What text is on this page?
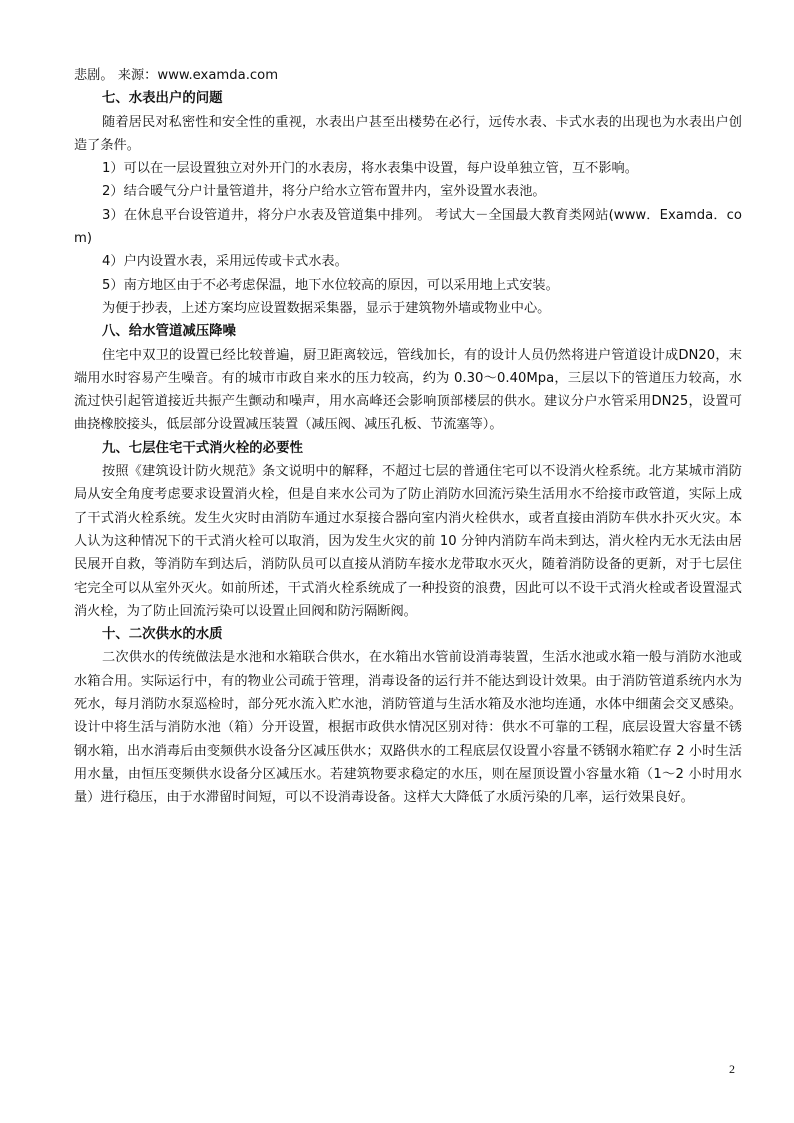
悲剧。 来源：www.examda.com

七、水表出户的问题

随着居民对私密性和安全性的重视，水表出户甚至出楼势在必行，远传水表、卡式水表的出现也为水表出户创造了条件。

1）可以在一层设置独立对外开门的水表房，将水表集中设置，每户设单独立管，互不影响。

2）结合暖气分户计量管道井，将分户给水立管布置井内，室外设置水表池。

3）在休息平台设管道井，将分户水表及管道集中排列。 考试大－全国最大教育类网站(www．Examda．com)

4）户内设置水表，采用远传或卡式水表。

5）南方地区由于不必考虑保温，地下水位较高的原因，可以采用地上式安装。

为便于抄表，上述方案均应设置数据采集器，显示于建筑物外墙或物业中心。

八、给水管道减压降噪

住宅中双卫的设置已经比较普遍，厨卫距离较远，管线加长，有的设计人员仍然将进户管道设计成DN20，末端用水时容易产生噪音。有的城市市政自来水的压力较高，约为 0.30～0.40Mpa，三层以下的管道压力较高，水流过快引起管道接近共振产生颤动和噪声，用水高峰还会影响顶部楼层的供水。建议分户水管采用DN25，设置可曲挠橡胶接头，低层部分设置减压装置（减压阀、减压孔板、节流塞等）。

九、七层住宅干式消火栓的必要性

按照《建筑设计防火规范》条文说明中的解释，不超过七层的普通住宅可以不设消火栓系统。北方某城市消防局从安全角度考虑要求设置消火栓，但是自来水公司为了防止消防水回流污染生活用水不给接市政管道，实际上成了干式消火栓系统。发生火灾时由消防车通过水泵接合器向室内消火栓供水，或者直接由消防车供水扑灭火灾。本人认为这种情况下的干式消火栓可以取消，因为发生火灾的前 10 分钟内消防车尚未到达，消火栓内无水无法由居民展开自救，等消防车到达后，消防队员可以直接从消防车接水龙带取水灭火，随着消防设备的更新，对于七层住宅完全可以从室外灭火。如前所述，干式消火栓系统成了一种投资的浪费，因此可以不设干式消火栓或者设置湿式消火栓，为了防止回流污染可以设置止回阀和防污隔断阀。

十、二次供水的水质

二次供水的传统做法是水池和水箱联合供水，在水箱出水管前设消毒装置，生活水池或水箱一般与消防水池或水箱合用。实际运行中，有的物业公司疏于管理，消毒设备的运行并不能达到设计效果。由于消防管道系统内水为死水，每月消防水泵巡检时，部分死水流入贮水池，消防管道与生活水箱及水池均连通，水体中细菌会交叉感染。设计中将生活与消防水池（箱）分开设置，根据市政供水情况区别对待：供水不可靠的工程，底层设置大容量不锈钢水箱，出水消毒后由变频供水设备分区减压供水；双路供水的工程底层仅设置小容量不锈钢水箱贮存 2 小时生活用水量，由恒压变频供水设备分区减压水。若建筑物要求稳定的水压，则在屋顶设置小容量水箱（1～2 小时用水量）进行稳压，由于水滞留时间短，可以不设消毒设备。这样大大降低了水质污染的几率，运行效果良好。

2
